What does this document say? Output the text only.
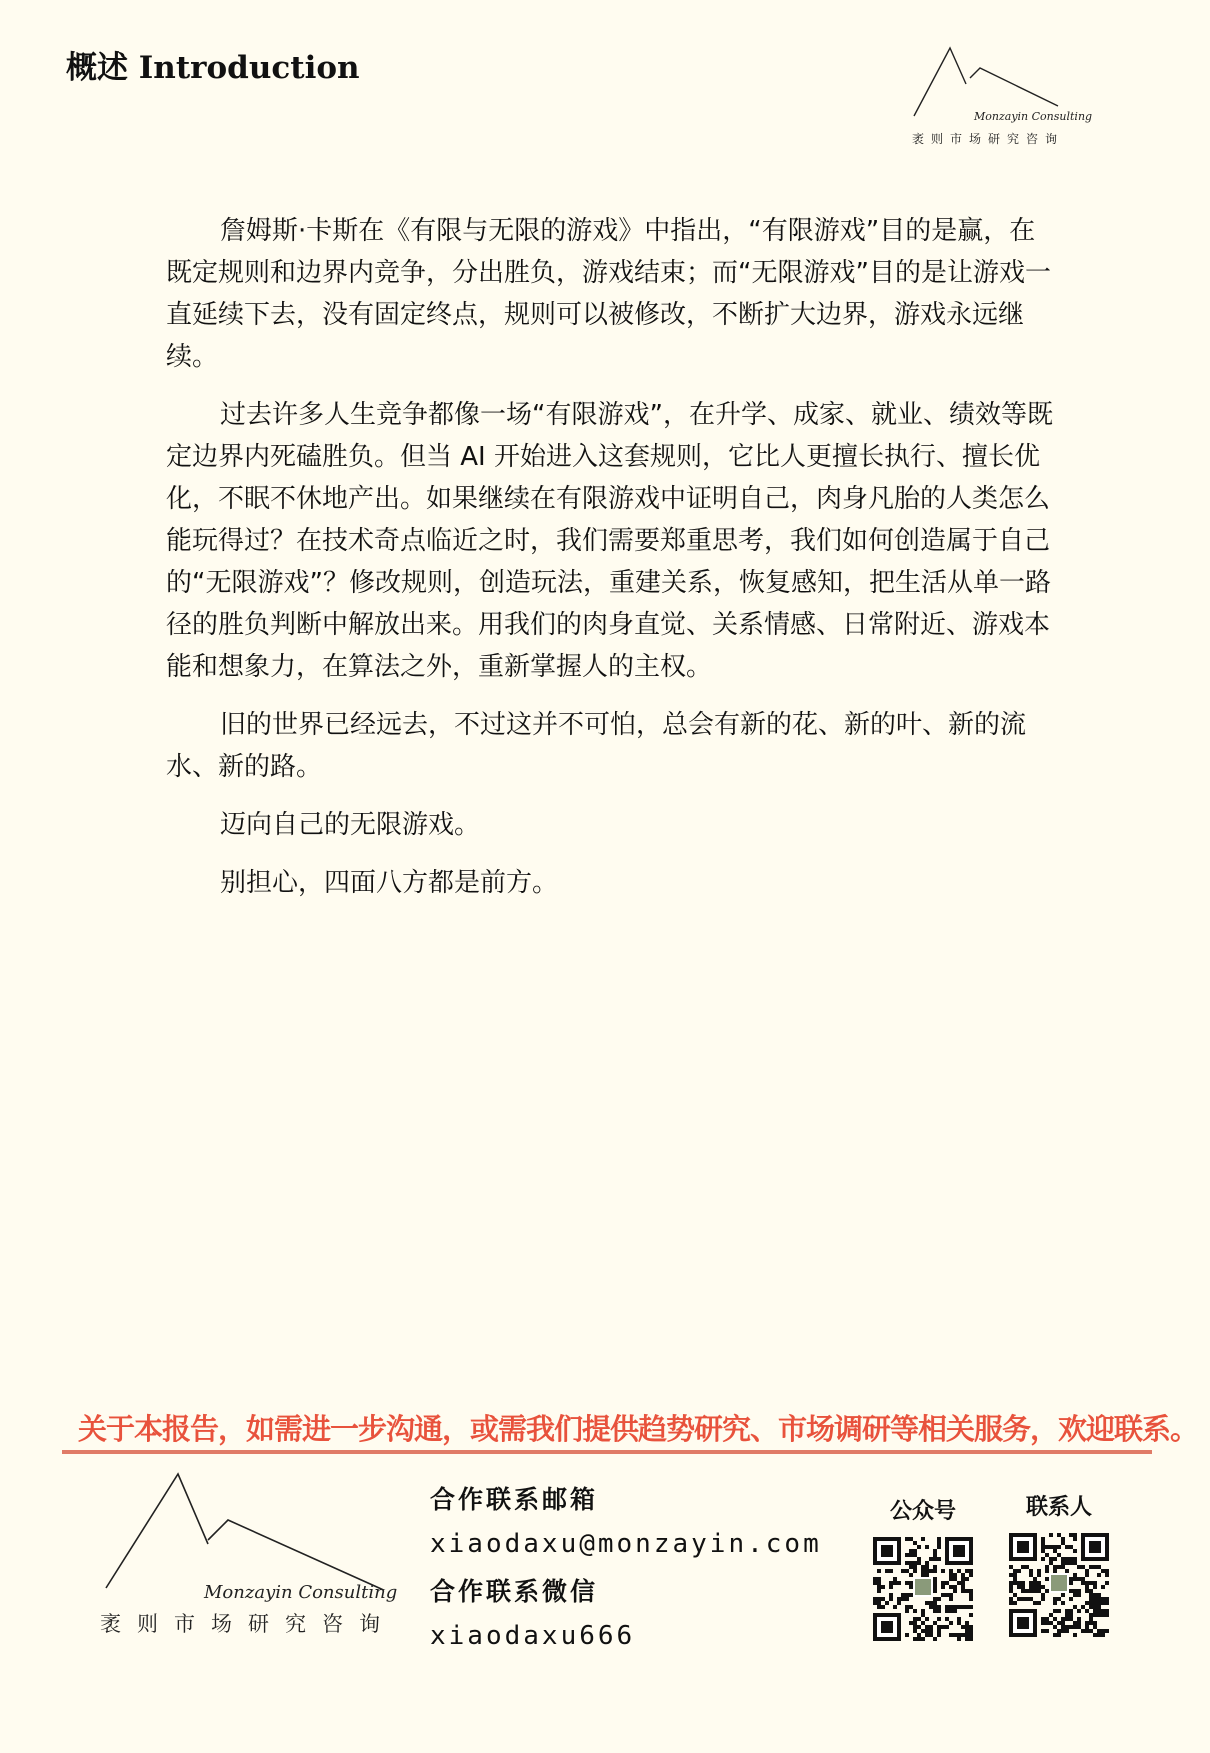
概述 Introduction
Monzayin Consulting
袤则市场研究咨询

詹姆斯·卡斯在《有限与无限的游戏》中指出，“有限游戏”目的是赢，在既定规则和边界内竞争，分出胜负，游戏结束；而“无限游戏”目的是让游戏一直延续下去，没有固定终点，规则可以被修改，不断扩大边界，游戏永远继续。

过去许多人生竞争都像一场“有限游戏”，在升学、成家、就业、绩效等既定边界内死磕胜负。但当 AI 开始进入这套规则，它比人更擅长执行、擅长优化，不眠不休地产出。如果继续在有限游戏中证明自己，肉身凡胎的人类怎么能玩得过？在技术奇点临近之时，我们需要郑重思考，我们如何创造属于自己的“无限游戏”？修改规则，创造玩法，重建关系，恢复感知，把生活从单一路径的胜负判断中解放出来。用我们的肉身直觉、关系情感、日常附近、游戏本能和想象力，在算法之外，重新掌握人的主权。

旧的世界已经远去，不过这并不可怕，总会有新的花、新的叶、新的流水、新的路。

迈向自己的无限游戏。

别担心，四面八方都是前方。

关于本报告，如需进一步沟通，或需我们提供趋势研究、市场调研等相关服务，欢迎联系。
Monzayin Consulting
袤则市场研究咨询

合作联系邮箱

xiaodaxu@monzayin.com

合作联系微信

xiaodaxu666

公众号	联系人
